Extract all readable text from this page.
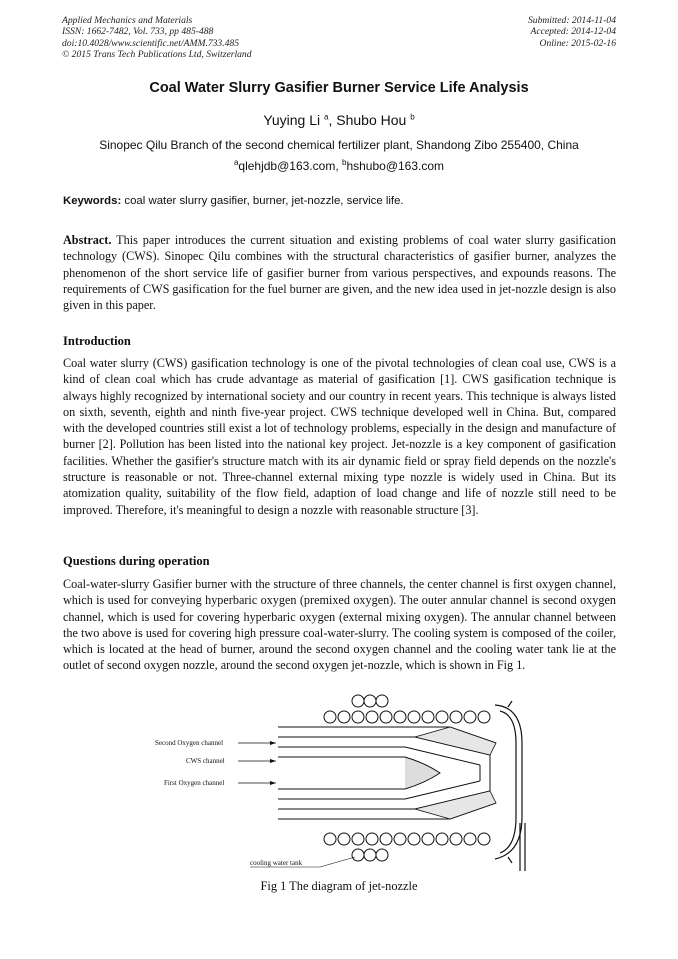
Applied Mechanics and Materials
ISSN: 1662-7482, Vol. 733, pp 485-488
doi:10.4028/www.scientific.net/AMM.733.485
© 2015 Trans Tech Publications Ltd, Switzerland
Submitted: 2014-11-04
Accepted: 2014-12-04
Online: 2015-02-16
Coal Water Slurry Gasifier Burner Service Life Analysis
Yuying Li $^a$, Shubo Hou $^b$
Sinopec Qilu Branch of the second chemical fertilizer plant, Shandong Zibo 255400, China
$^a$qlehjdb@163.com, $^b$hshubo@163.com
Keywords: coal water slurry gasifier, burner, jet-nozzle, service life.
Abstract. This paper introduces the current situation and existing problems of coal water slurry gasification technology (CWS). Sinopec Qilu combines with the structural characteristics of gasifier burner, analyzes the phenomenon of the short service life of gasifier burner from various perspectives, and expounds reasons. The requirements of CWS gasification for the fuel burner are given, and the new idea used in jet-nozzle design is also given in this paper.
Introduction
Coal water slurry (CWS) gasification technology is one of the pivotal technologies of clean coal use, CWS is a kind of clean coal which has crude advantage as material of gasification [1]. CWS gasification technique is always highly recognized by international society and our country in recent years. This technique is always listed on sixth, seventh, eighth and ninth five-year project. CWS technique developed well in China. But, compared with the developed countries still exist a lot of technology problems, especially in the design and manufacture of burner [2]. Pollution has been listed into the national key project. Jet-nozzle is a key component of gasification facilities. Whether the gasifier's structure match with its air dynamic field or spray field depends on the nozzle's structure is reasonable or not. Three-channel external mixing type nozzle is widely used in China. But its atomization quality, suitability of the flow field, adaption of load change and life of nozzle still need to be improved. Therefore, it's meaningful to design a nozzle with reasonable structure [3].
Questions during operation
Coal-water-slurry Gasifier burner with the structure of three channels, the center channel is first oxygen channel, which is used for conveying hyperbaric oxygen (premixed oxygen). The outer annular channel is second oxygen channel, which is used for covering hyperbaric oxygen (external mixing oxygen). The annular channel between the two above is used for covering high pressure coal-water-slurry. The cooling system is composed of the coiler, which is located at the head of burner, around the second oxygen channel and the cooling water tank lie at the outlet of second oxygen nozzle, around the second oxygen jet-nozzle, which is shown in Fig 1.
Second Oxygen channel
CWS channel
First Oxygen channel
cooling water tank
Fig 1 The diagram of jet-nozzle
